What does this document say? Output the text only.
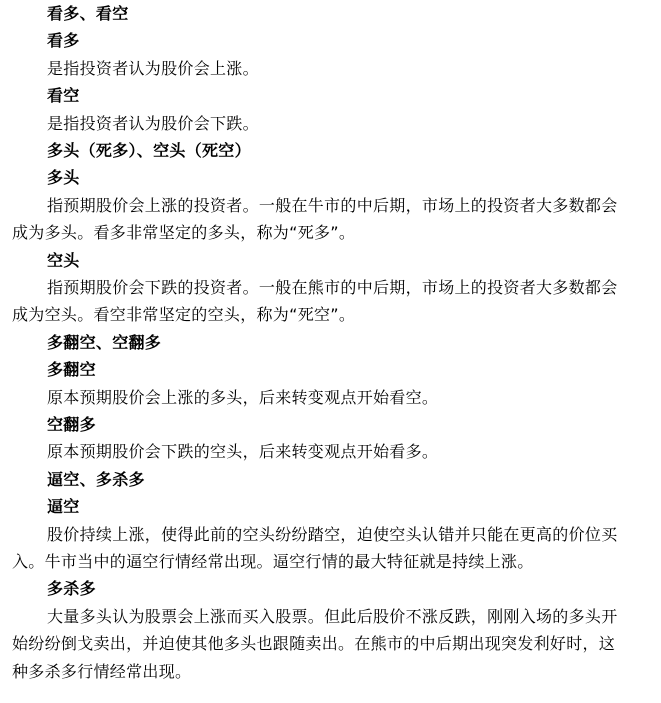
看多、看空
看多
是指投资者认为股价会上涨。
看空
是指投资者认为股价会下跌。
多头（死多）、空头（死空）
多头
指预期股价会上涨的投资者。一般在牛市的中后期，市场上的投资者大多数都会
成为多头。看多非常坚定的多头，称为“死多”。
空头
指预期股价会下跌的投资者。一般在熊市的中后期，市场上的投资者大多数都会
成为空头。看空非常坚定的空头，称为“死空”。
多翻空、空翻多
多翻空
原本预期股价会上涨的多头，后来转变观点开始看空。
空翻多
原本预期股价会下跌的空头，后来转变观点开始看多。
逼空、多杀多
逼空
股价持续上涨，使得此前的空头纷纷踏空，迫使空头认错并只能在更高的价位买
入。牛市当中的逼空行情经常出现。逼空行情的最大特征就是持续上涨。
多杀多
大量多头认为股票会上涨而买入股票。但此后股价不涨反跌，刚刚入场的多头开
始纷纷倒戈卖出，并迫使其他多头也跟随卖出。在熊市的中后期出现突发利好时，这
种多杀多行情经常出现。
